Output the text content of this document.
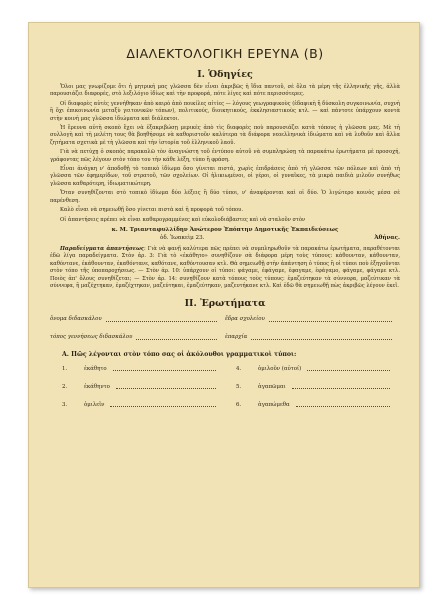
ΔΙΑΛΕΚΤΟΛΟΓΙΚΗ ΕΡΕΥΝΑ (Β)
Ι. Ὁδηγίες

Ὅλοι μας γνωρίζομε ὅτι ἡ μητρική μας γλῶσσα δὲν εἶναι ἀκριβῶς ἡ ἴδια παντοῦ, σὲ ὅλα τὰ μέρη τῆς ἑλληνικῆς γῆς, ἀλλὰ παρουσιάζει διαφορές, στὸ λεξιλόγιο ἰδίως καὶ τὴν προφορά, πότε λίγες καὶ πότε περισσότερες.

Οἱ διαφορὲς αὐτὲς γεννήθηκαν ἀπὸ καιρὸ ἀπὸ ποικίλες αἰτίες — λόγους γεωγραφικοὺς (ἐδαφικὴ ἢ δύσκολη συγκοινωνία, συχνὴ ἢ ὄχι ἐπικοινωνία μεταξὺ γειτονικῶν τόπων), πολιτικούς, διοικητικούς, ἐκκλησιαστικοὺς κτλ. — καὶ πάντοτε ὑπάρχουν κοντὰ στὴν κοινὴ μας γλῶσσα ἰδιώματα καὶ διάλεκτοι.

Ἡ ἔρευνα αὐτὴ σκοπὸ ἔχει νὰ ἐξακριβώσῃ μερικὲς ἀπὸ τὶς διαφορὲς ποὺ παρουσιάζει κατὰ τόπους ἡ γλῶσσα μας. Μὲ τὴ συλλογὴ καὶ τὴ μελέτη τους θὰ βοηθήσομε νὰ καθοριστοῦν καλύτερα τὰ διάφορα νεοελληνικὰ ἰδιώματα καὶ νὰ λυθοῦν καὶ ἄλλα ζητήματα σχετικὰ μὲ τὴ γλῶσσα καὶ τὴν ἱστορία τοῦ ἑλληνικοῦ λαοῦ.

Γιὰ νὰ πετύχῃ ὁ σκοπὸς παρακαλῶ τὸν ἀναγνώστη τοῦ ἐντύπου αὐτοῦ νὰ συμπληρώσῃ τὰ παρακάτω ἐρωτήματα μὲ προσοχή, γράφοντας πῶς λέγουν στὸν τόπο του τὴν κάθε λέξη, τύπο ἢ φράση.

Εἶναι ἀνάγκη ν' ἀποδοθῇ τὸ τοπικὸ ἰδίωμα ὅσο γίνεται πιστά, χωρὶς ἐπιδράσεις ἀπὸ τὴ γλῶσσα τῶν πόλεων καὶ ἀπὸ τὴ γλῶσσα τῶν ἐφημερίδων, τοῦ στρατοῦ, τῶν σχολείων. Οἱ ἠλικιωμένοι, οἱ γέροι, οἱ γυναῖκες, τὰ μικρὰ παιδιὰ μιλοῦν συνήθως γλῶσσα καθαρότερη, ἰδιωματικώτερη.

Ὅταν συνηθίζονται στὸ τοπικὸ ἰδίωμα δύο λέξεις ἢ δύο τύποι, ν' ἀναφέρονται καὶ οἱ δύο. Ὁ λιγώτερο κοινὸς μέσα σὲ παρένθεση.

Καλὸ εἶναι νὰ σημειωθῇ ὅσο γίνεται πιστὰ καὶ ἡ προφορὰ τοῦ τόπου.

Οἱ ἀπαντήσεις πρέπει νὰ εἶναι καθαρογραμμένες καὶ εὐκολοδιάβαστες καὶ νὰ σταλοῦν στὸν

κ. Μ. Τριανταφυλλίδην Ἀνώτερον Ἐπόπτην Δημοτικῆς Ἐκπαιδεύσεως
ὁδ. Ἰωακεὶμ 23.	Ἀθήνας.

Παραδείγματα ἀπαντήσεως: Γιὰ νὰ φανῇ καλύτερα πῶς πρέπει νὰ συμπληρωθοῦν τὰ παρακάτω ἐρωτήματα, παραθέτονται ἐδῶ λίγα παραδείγματα. Στὸν ἀρ. 3: Γιὰ τὸ «ἐκάθητο» συνηθίζουν σὰ διάφορα μέρη τοὺς τύπους: κάθουνταν, κάθουνταν, καθόντανε, ἐκάθουνταν, ἐκαθόντανε, καθότανε, καθόντουσαν κτλ. Θὰ σημειωθῇ στὴν ἀπάντηση ὁ τύπος ἢ οἱ τύποι ποὺ ἐξηγοῦνται στὸν τόπο τῆς ὑποπαροχήσεως. — Στὸν ἀρ. 10: ὑπάρχουν οἱ τύποι: φάγαμε, ἐφάγαμε, ἐφαγαμε, ἐφάγαμο, φάγαμε, φάγαμε κτλ. Ποιὸς ἀπ' ὅλους συνηθίζεται; — Στὸν ἀρ. 14: συνηθίζουν κατὰ τόπους τοὺς τύπους: ἐμαζεύτηκαν τὰ σύννεφα, μαζεύτικαν τὰ σύννεφα, ἢ μαζέχτηκαν, ἐμαζέχτηκαν, μαζεύτηκαι, ἐμαζεύτηκαν, μαζευτήκανε κτλ. Καὶ ἐδῶ θὰ σημειωθῇ πὼς ἀκριβῶς λέγουν ἐκεῖ.

ΙΙ. Ἐρωτήματα
ὄνομα διδασκάλου	ἕδρα σχολείου
τόπος γεννήσεως διδασκάλου	ἐπαρχία
Α. Πῶς λέγονται στὸν τόπο σας οἱ ἀκόλουθοι γραμματικοὶ τύποι:
1.	ἐκάθητο	4.	ὁμιλοῦν (αὐτοί)
2.	ἐκάθηντο	5.	ἀγαπῶμαι
3.	ὁμιλεῖν	6.	ἀγαπώμεθα
